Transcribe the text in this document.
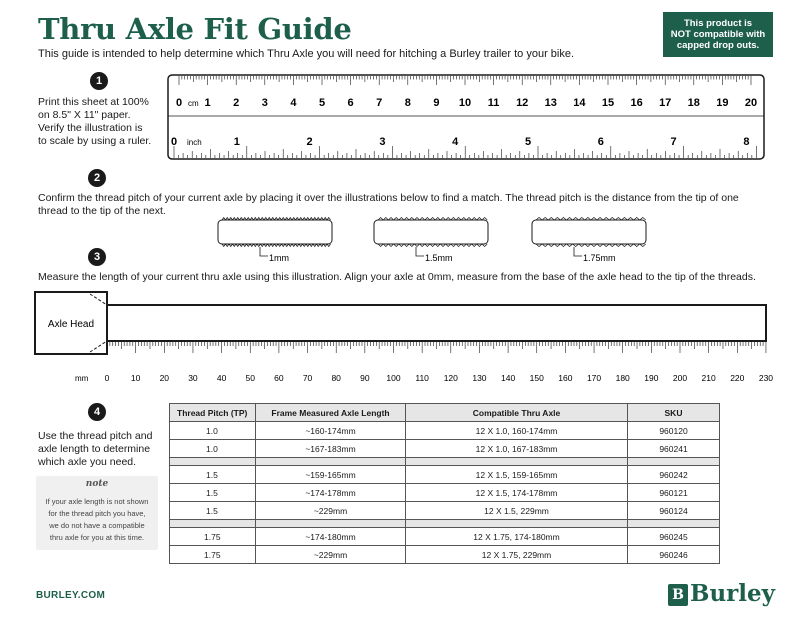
Thru Axle Fit Guide
This guide is intended to help determine which Thru Axle you will need for hitching a Burley trailer to your bike.
This product is
NOT compatible with
capped drop outs.
1
Print this sheet at 100%
on 8.5" X 11" paper.
Verify the illustration is
to scale by using a ruler.
0 1 2 3 4 5 6 7 8 9 10 11 12 13 14 15 16 17 18 19 20
0	1	2	3	4	5	6	7	8
cm
inch
2
Confirm the thread pitch of your current axle by placing it over the illustrations below to find a match. The thread pitch is the distance from the tip of one
thread to the tip of the next.
1mm	1.5mm	1.75mm
3
Measure the length of your current thru axle using this illustration. Align your axle at 0mm, measure from the base of the axle head to the tip of the threads.
Axle Head
0	10 20 30 40 50 60 70 80 90 100 110 120 130 140 150 160 170 180 190 200 210 220 230
mm
4
Use the thread pitch and
axle length to determine
which axle you need.
note
If your axle length is not shown
for the thread pitch you have,
we do not have a compatible
thru axle for you at this time.
Thread Pitch (TP)	Frame Measured Axle Length	Compatible Thru Axle	SKU
1.0	~160-174mm	12 X 1.0, 160-174mm	960120
1.0	~167-183mm	12 X 1.0, 167-183mm	960241

1.5	~159-165mm	12 X 1.5, 159-165mm	960242
1.5	~174-178mm	12 X 1.5, 174-178mm	960121
1.5	~229mm	12 X 1.5, 229mm	960124

1.75	~174-180mm	12 X 1.75, 174-180mm	960245
1.75	~229mm	12 X 1.75, 229mm	960246
BURLEY.COM	B Burley
